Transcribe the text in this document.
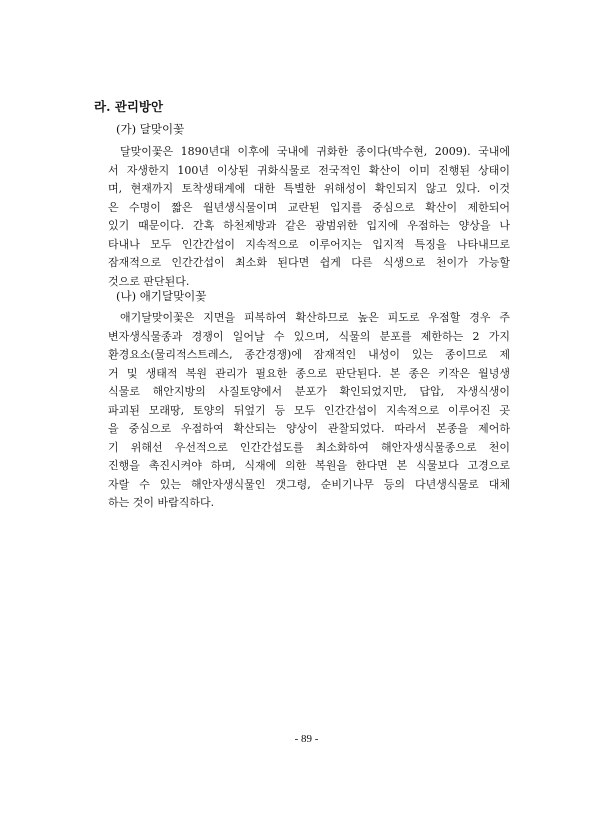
라. 관리방안
(가) 달맞이꽃
달맞이꽃은 1890년대 이후에 국내에 귀화한 종이다(박수현, 2009). 국내에
서 자생한지 100년 이상된 귀화식물로 전국적인 확산이 이미 진행된 상태이
며, 현재까지 토착생태계에 대한 특별한 위해성이 확인되지 않고 있다. 이것
은 수명이 짧은 월년생식물이며 교란된 입지를 중심으로 확산이 제한되어
있기 때문이다. 간혹 하천제방과 같은 광범위한 입지에 우점하는 양상을 나
타내나 모두 인간간섭이 지속적으로 이루어지는 입지적 특징을 나타내므로
잠재적으로 인간간섭이 최소화 된다면 쉽게 다른 식생으로 천이가 가능할
것으로 판단된다.
(나) 애기달맞이꽃
애기달맞이꽃은 지면을 피복하여 확산하므로 높은 피도로 우점할 경우 주
변자생식물종과 경쟁이 일어날 수 있으며, 식물의 분포를 제한하는 2 가지
환경요소(물리적스트레스, 종간경쟁)에 잠재적인 내성이 있는 종이므로 제
거 및 생태적 복원 관리가 필요한 종으로 판단된다. 본 종은 키작은 월녕생
식물로 해안지방의 사질토양에서 분포가 확인되었지만, 답압, 자생식생이
파괴된 모래땅, 토양의 뒤엎기 등 모두 인간간섭이 지속적으로 이루어진 곳
을 중심으로 우점하여 확산되는 양상이 관찰되었다. 따라서 본종을 제어하
기 위해선 우선적으로 인간간섭도를 최소화하여 해안자생식물종으로 천이
진행을 촉진시켜야 하며, 식재에 의한 복원을 한다면 본 식물보다 고경으로
자랄 수 있는 해안자생식물인 갯그령, 순비기나무 등의 다년생식물로 대체
하는 것이 바람직하다.
- 89 -
